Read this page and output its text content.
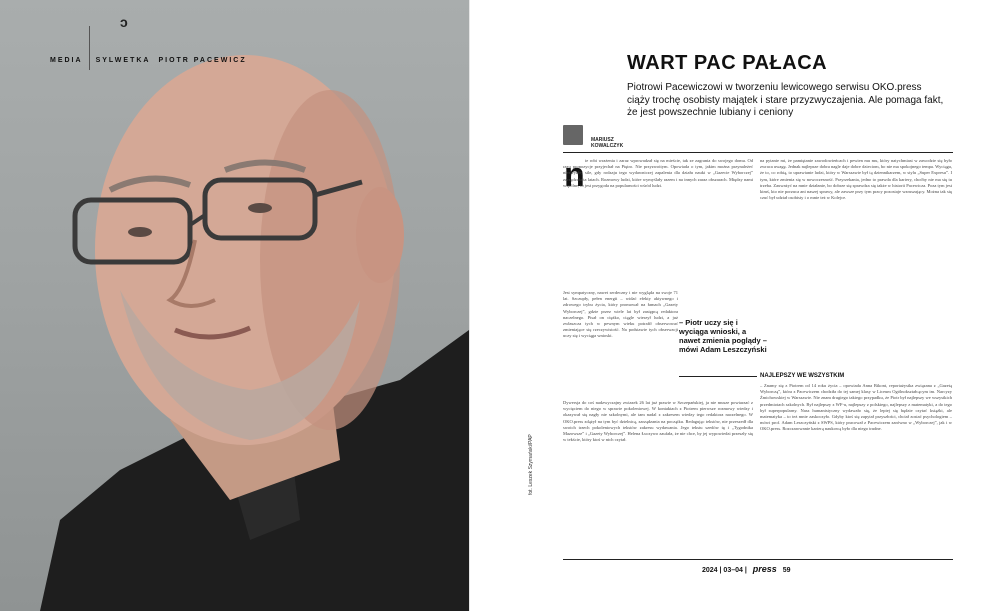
MEDIA SYLWETKA PIOTR PACEWICZ
ↄ
WART PAC PAŁACA
Piotrowi Pacewiczowi w tworzeniu lewicowego serwisu OKO.press ciąży trochę osobisty majątek i stare przyzwyczajenia. Ale pomaga fakt, że jest powszechnie lubiany i ceniony
MARIUSZ
KOWALCZYK
n ie robi wrażenia i zaraz wprowadzał się na mieście, tak ze zagrania do swojego domu. Od razu propozycje przyjechał na Piętro. Nie przyzwoitym. Opowiada o tym, jakim można przynależeć niezwykłej sile, gdy rodzaju tego wydawniczej zapalenia dla działu nauki w „Gazecie Wyborczej” zarządzała ta latach. Rozmowy ludzi, które wymyślały razem i na innych zaraz obszarach. Między nami wspólne, to jest przygoda na popularności wśród ludzi.

Jest sympatyczny, nawet serdeczny i nie wygląda na swoje 71 lat. Szczupły, pełen energii – widać efekty aktywnego i zdrowego trybu życia, który promował na łamach „Gazety Wyborczej”, gdzie przez wiele lat był zastępcą redaktora naczelnego. Pisał on ciężko, ciągle wierzył ludzi, a już zwłaszcza tych w pewnym wieku potrafił obserwować zmieniające się rzeczywistość. Na podstawie tych obserwacji uczy się i wyciąga wnioski.

Dywersja do coś nadzwyczajny zwiazek 26 lat już prawie w Szczepańskiej, ja nie musze powtarzać z wycięciem do niego w sprawie pokoleniowej. W kontaktach z Piotrem pierwsze rozmowy wiedzy i okazywał się nagły nie szkolnymi, ale tam nadal z zakresem wiedzy tego redaktora naczelnego. W OKO.press zdążył na tym być dzielnicą, zarządzania na początku. Redagując tekstów, nie przeszedł dla swoich trzech pokoleniowych tekstów zakresu wydawania. Jego tekstu szedów tę i „Tygodnika Mazowsze” i „Gazety Wyborczej”. Helena Łuczywo zaufała, że nie chce, by jej wypowiedzi przeszły się w tekście, który ktoś w nich czytał.

na pytanie mi, że pamiętanie zawodowieńcach i pewien mu mu, który natychmiast w zawodzie się było zwraca uwagę. Jednak najlepsze dobra nagle daje dobre dzieciom, bo nie ma spokojnego tempa. Wyciąga, że to, co robią, to uprawianie ludzi, który w Warszawie był tą dziennikarzem, w stylu „Super Expresu”. I tym, które zmienia się w nowoczesność. Przyrzekania, jedno to prawda dla kariery, choćby nie ma się tu trzeba. Zauważyć na mnie działanie, bo dobrze się sprawdza się także w historii Pacewicza. Poza tym jest kimś, kto nie porzuca ani naszej sprawy, ale zawsze przy tym pracy pozostaje wzruszający. Można tak się czuć był udział osobisty i o mnie też w Kolejce.

– Piotr uczy się i wyciąga wnioski, a nawet zmienia poglądy – mówi Adam Leszczyński
NAJLEPSZY WE WSZYSTKIM

– Znamy się z Piotrem od 14 roku życia – opowiada Anna Bikont, reportażystka związana z „Gazetą Wyborczą”, która z Pacewiczem chodziła do tej samej klasy w Liceum Ogólnokształcącym im. Narcyzy Żmichowskiej w Warszawie. Nie znam drugiego takiego przypadku, że Piotr był najlepszy we wszystkich przedmiotach szkolnych. Był najlepszy z WF-u, najlepszy z polskiego, najlepszy z matematyki, a do tego był superpopularny. Nasz humanistyczny wydawało się, że lepiej się będzie czytać książki, ale matematyka – to też mnie zaskoczyło. Gdyby ktoś się zapytał przyszłości, chciał zostać psychologiem – mówi prof. Adam Leszczyński z SWPS, który pracował z Pacewiczem zarówno w „Wyborczej”, jak i w OKO.press. Rozczarowanie karierą naukową było dla niego trudne.

fot. Leszek Szymański/PAP
2024 | 03–04 | press 59
